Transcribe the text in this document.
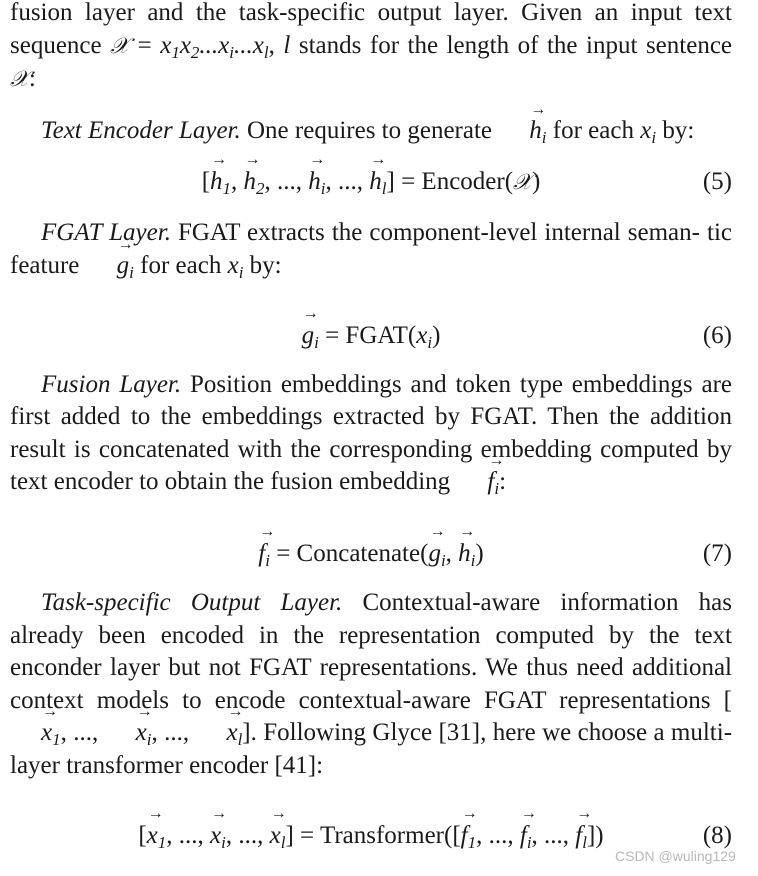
fusion layer and the task-specific output layer. Given an input text sequence 𝒳 = $x_1x_2...x_i...x_l$, l stands for the length of the input sentence 𝒳:

Text Encoder Layer. One requires to generate → $h_i$ for each $x_i$ by:

[→ $h_1$, → $h_2$, ..., → $h_i$, ..., → $h_l$] = Encoder(𝒳)	(5)

FGAT Layer. FGAT extracts the component-level internal seman- tic feature → $g_i$ for each $x_i$ by:

→ $g_i$ = $FGAT(x_i)$	(6)

Fusion Layer. Position embeddings and token type embeddings are first added to the embeddings extracted by FGAT. Then the addition result is concatenated with the corresponding embedding computed by text encoder to obtain the fusion embedding → $f_i$:

→ $f_i$ = Concatenate(→ $g_i$, → $h_i$)	(7)

Task-specific Output Layer. Contextual-aware information has already been encoded in the representation computed by the text enconder layer but not FGAT representations. We thus need additional context models to encode contextual-aware FGAT representations [→ $x_1$, ..., → $x_i$, ..., → $x_l$]. Following Glyce [31], here we choose a multi-layer transformer encoder [41]:

[→ $x_1$, ..., → $x_i$, ..., → $x_l$] = Transformer([→ $f_1$, ..., → $f_i$, ..., → $f_l$])	(8)
CSDN @wuling129
